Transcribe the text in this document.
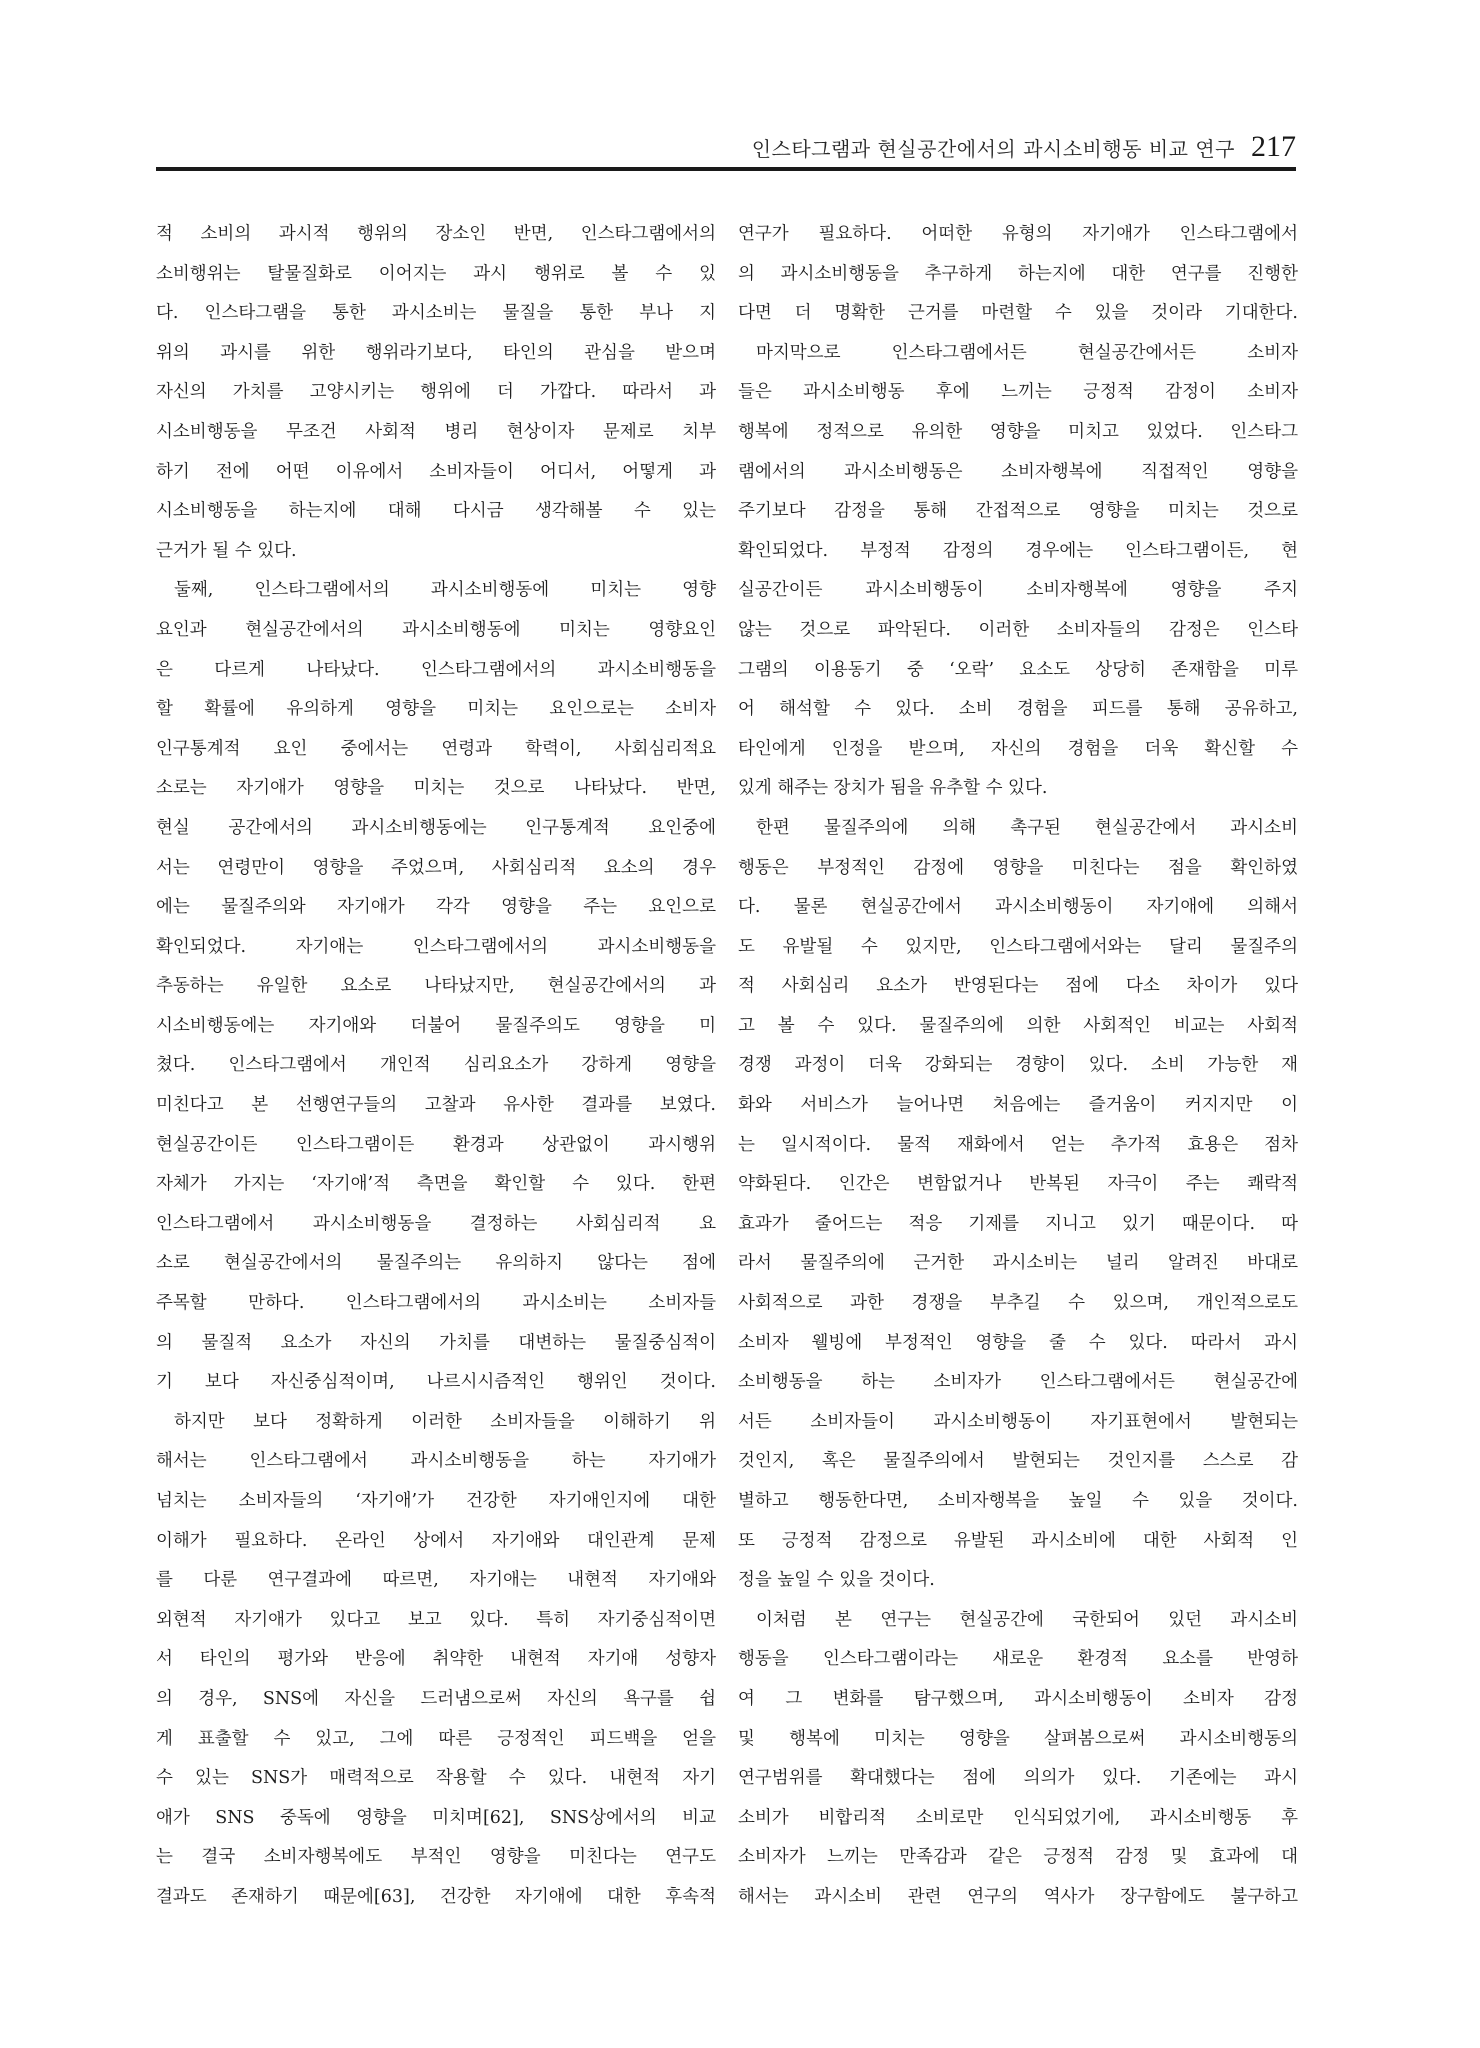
인스타그램과 현실공간에서의 과시소비행동 비교 연구 217
적 소비의 과시적 행위의 장소인 반면, 인스타그램에서의
소비행위는 탈물질화로 이어지는 과시 행위로 볼 수 있
다. 인스타그램을 통한 과시소비는 물질을 통한 부나 지
위의 과시를 위한 행위라기보다, 타인의 관심을 받으며
자신의 가치를 고양시키는 행위에 더 가깝다. 따라서 과
시소비행동을 무조건 사회적 병리 현상이자 문제로 치부
하기 전에 어떤 이유에서 소비자들이 어디서, 어떻게 과
시소비행동을 하는지에 대해 다시금 생각해볼 수 있는
근거가 될 수 있다.
둘째, 인스타그램에서의 과시소비행동에 미치는 영향
요인과 현실공간에서의 과시소비행동에 미치는 영향요인
은 다르게 나타났다. 인스타그램에서의 과시소비행동을
할 확률에 유의하게 영향을 미치는 요인으로는 소비자
인구통계적 요인 중에서는 연령과 학력이, 사회심리적요
소로는 자기애가 영향을 미치는 것으로 나타났다. 반면,
현실 공간에서의 과시소비행동에는 인구통계적 요인중에
서는 연령만이 영향을 주었으며, 사회심리적 요소의 경우
에는 물질주의와 자기애가 각각 영향을 주는 요인으로
확인되었다. 자기애는 인스타그램에서의 과시소비행동을
추동하는 유일한 요소로 나타났지만, 현실공간에서의 과
시소비행동에는 자기애와 더불어 물질주의도 영향을 미
쳤다. 인스타그램에서 개인적 심리요소가 강하게 영향을
미친다고 본 선행연구들의 고찰과 유사한 결과를 보였다.
현실공간이든 인스타그램이든 환경과 상관없이 과시행위
자체가 가지는 ‘자기애’적 측면을 확인할 수 있다. 한편
인스타그램에서 과시소비행동을 결정하는 사회심리적 요
소로 현실공간에서의 물질주의는 유의하지 않다는 점에
주목할 만하다. 인스타그램에서의 과시소비는 소비자들
의 물질적 요소가 자신의 가치를 대변하는 물질중심적이
기 보다 자신중심적이며, 나르시시즘적인 행위인 것이다.
하지만 보다 정확하게 이러한 소비자들을 이해하기 위
해서는 인스타그램에서 과시소비행동을 하는 자기애가
넘치는 소비자들의 ‘자기애’가 건강한 자기애인지에 대한
이해가 필요하다. 온라인 상에서 자기애와 대인관계 문제
를 다룬 연구결과에 따르면, 자기애는 내현적 자기애와
외현적 자기애가 있다고 보고 있다. 특히 자기중심적이면
서 타인의 평가와 반응에 취약한 내현적 자기애 성향자
의 경우, SNS에 자신을 드러냄으로써 자신의 욕구를 쉽
게 표출할 수 있고, 그에 따른 긍정적인 피드백을 얻을
수 있는 SNS가 매력적으로 작용할 수 있다. 내현적 자기
애가 SNS 중독에 영향을 미치며[62], SNS상에서의 비교
는 결국 소비자행복에도 부적인 영향을 미친다는 연구도
결과도 존재하기 때문에[63], 건강한 자기애에 대한 후속적
연구가 필요하다. 어떠한 유형의 자기애가 인스타그램에서
의 과시소비행동을 추구하게 하는지에 대한 연구를 진행한
다면 더 명확한 근거를 마련할 수 있을 것이라 기대한다.
마지막으로 인스타그램에서든 현실공간에서든 소비자
들은 과시소비행동 후에 느끼는 긍정적 감정이 소비자
행복에 정적으로 유의한 영향을 미치고 있었다. 인스타그
램에서의 과시소비행동은 소비자행복에 직접적인 영향을
주기보다 감정을 통해 간접적으로 영향을 미치는 것으로
확인되었다. 부정적 감정의 경우에는 인스타그램이든, 현
실공간이든 과시소비행동이 소비자행복에 영향을 주지
않는 것으로 파악된다. 이러한 소비자들의 감정은 인스타
그램의 이용동기 중 ‘오락’ 요소도 상당히 존재함을 미루
어 해석할 수 있다. 소비 경험을 피드를 통해 공유하고,
타인에게 인정을 받으며, 자신의 경험을 더욱 확신할 수
있게 해주는 장치가 됨을 유추할 수 있다.
한편 물질주의에 의해 촉구된 현실공간에서 과시소비
행동은 부정적인 감정에 영향을 미친다는 점을 확인하였
다. 물론 현실공간에서 과시소비행동이 자기애에 의해서
도 유발될 수 있지만, 인스타그램에서와는 달리 물질주의
적 사회심리 요소가 반영된다는 점에 다소 차이가 있다
고 볼 수 있다. 물질주의에 의한 사회적인 비교는 사회적
경쟁 과정이 더욱 강화되는 경향이 있다. 소비 가능한 재
화와 서비스가 늘어나면 처음에는 즐거움이 커지지만 이
는 일시적이다. 물적 재화에서 얻는 추가적 효용은 점차
약화된다. 인간은 변함없거나 반복된 자극이 주는 쾌락적
효과가 줄어드는 적응 기제를 지니고 있기 때문이다. 따
라서 물질주의에 근거한 과시소비는 널리 알려진 바대로
사회적으로 과한 경쟁을 부추길 수 있으며, 개인적으로도
소비자 웰빙에 부정적인 영향을 줄 수 있다. 따라서 과시
소비행동을 하는 소비자가 인스타그램에서든 현실공간에
서든 소비자들이 과시소비행동이 자기표현에서 발현되는
것인지, 혹은 물질주의에서 발현되는 것인지를 스스로 감
별하고 행동한다면, 소비자행복을 높일 수 있을 것이다.
또 긍정적 감정으로 유발된 과시소비에 대한 사회적 인
정을 높일 수 있을 것이다.
이처럼 본 연구는 현실공간에 국한되어 있던 과시소비
행동을 인스타그램이라는 새로운 환경적 요소를 반영하
여 그 변화를 탐구했으며, 과시소비행동이 소비자 감정
및 행복에 미치는 영향을 살펴봄으로써 과시소비행동의
연구범위를 확대했다는 점에 의의가 있다. 기존에는 과시
소비가 비합리적 소비로만 인식되었기에, 과시소비행동 후
소비자가 느끼는 만족감과 같은 긍정적 감정 및 효과에 대
해서는 과시소비 관련 연구의 역사가 장구함에도 불구하고
